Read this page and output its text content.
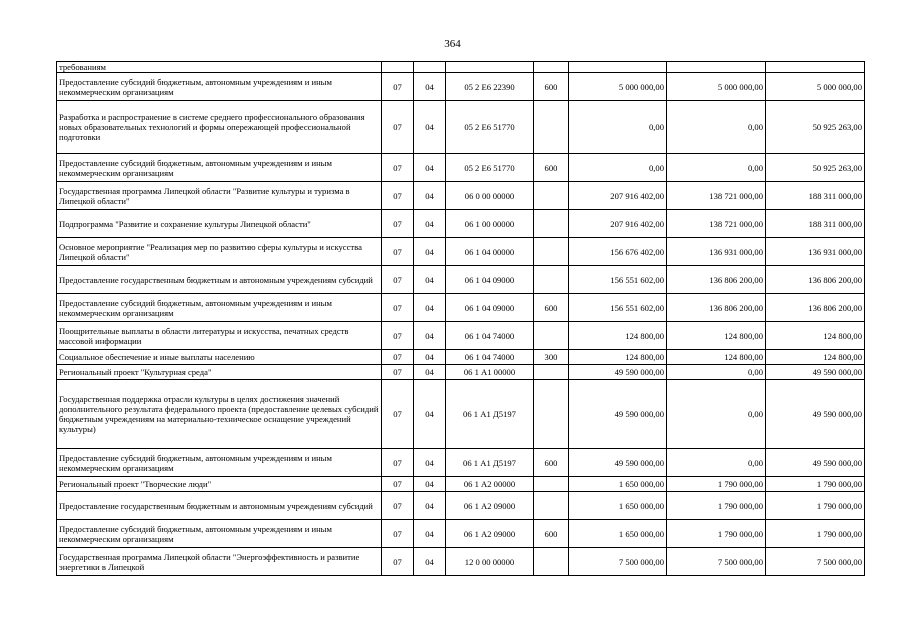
364
требованиям							
Предоставление субсидий бюджетным, автономным учреждениям и иным некоммерческим организациям	07	04	05 2 Е6 22390	600	5 000 000,00	5 000 000,00	5 000 000,00
Разработка и распространение в системе среднего профессионального образования новых образовательных технологий и формы опережающей профессиональной подготовки	07	04	05 2 Е6 51770		0,00	0,00	50 925 263,00
Предоставление субсидий бюджетным, автономным учреждениям и иным некоммерческим организациям	07	04	05 2 Е6 51770	600	0,00	0,00	50 925 263,00
Государственная программа Липецкой области "Развитие культуры и туризма в Липецкой области"	07	04	06 0 00 00000		207 916 402,00	138 721 000,00	188 311 000,00
Подпрограмма "Развитие и сохранение культуры Липецкой области"	07	04	06 1 00 00000		207 916 402,00	138 721 000,00	188 311 000,00
Основное мероприятие "Реализация мер по развитию сферы культуры и искусства Липецкой области"	07	04	06 1 04 00000		156 676 402,00	136 931 000,00	136 931 000,00
Предоставление государственным бюджетным и автономным учреждениям субсидий	07	04	06 1 04 09000		156 551 602,00	136 806 200,00	136 806 200,00
Предоставление субсидий бюджетным, автономным учреждениям и иным некоммерческим организациям	07	04	06 1 04 09000	600	156 551 602,00	136 806 200,00	136 806 200,00
Поощрительные выплаты в области литературы и искусства, печатных средств массовой информации	07	04	06 1 04 74000		124 800,00	124 800,00	124 800,00
Социальное обеспечение и иные выплаты населению	07	04	06 1 04 74000	300	124 800,00	124 800,00	124 800,00
Региональный проект "Культурная среда"	07	04	06 1 А1 00000		49 590 000,00	0,00	49 590 000,00
Государственная поддержка отрасли культуры в целях достижения значений дополнительного результата федерального проекта (предоставление целевых субсидий бюджетным учреждениям на материально-техническое оснащение учреждений культуры)	07	04	06 1 А1 Д5197		49 590 000,00	0,00	49 590 000,00
Предоставление субсидий бюджетным, автономным учреждениям и иным некоммерческим организациям	07	04	06 1 А1 Д5197	600	49 590 000,00	0,00	49 590 000,00
Региональный проект "Творческие люди"	07	04	06 1 А2 00000		1 650 000,00	1 790 000,00	1 790 000,00
Предоставление государственным бюджетным и автономным учреждениям субсидий	07	04	06 1 А2 09000		1 650 000,00	1 790 000,00	1 790 000,00
Предоставление субсидий бюджетным, автономным учреждениям и иным некоммерческим организациям	07	04	06 1 А2 09000	600	1 650 000,00	1 790 000,00	1 790 000,00
Государственная программа Липецкой области "Энергоэффективность и развитие энергетики в Липецкой	07	04	12 0 00 00000		7 500 000,00	7 500 000,00	7 500 000,00
